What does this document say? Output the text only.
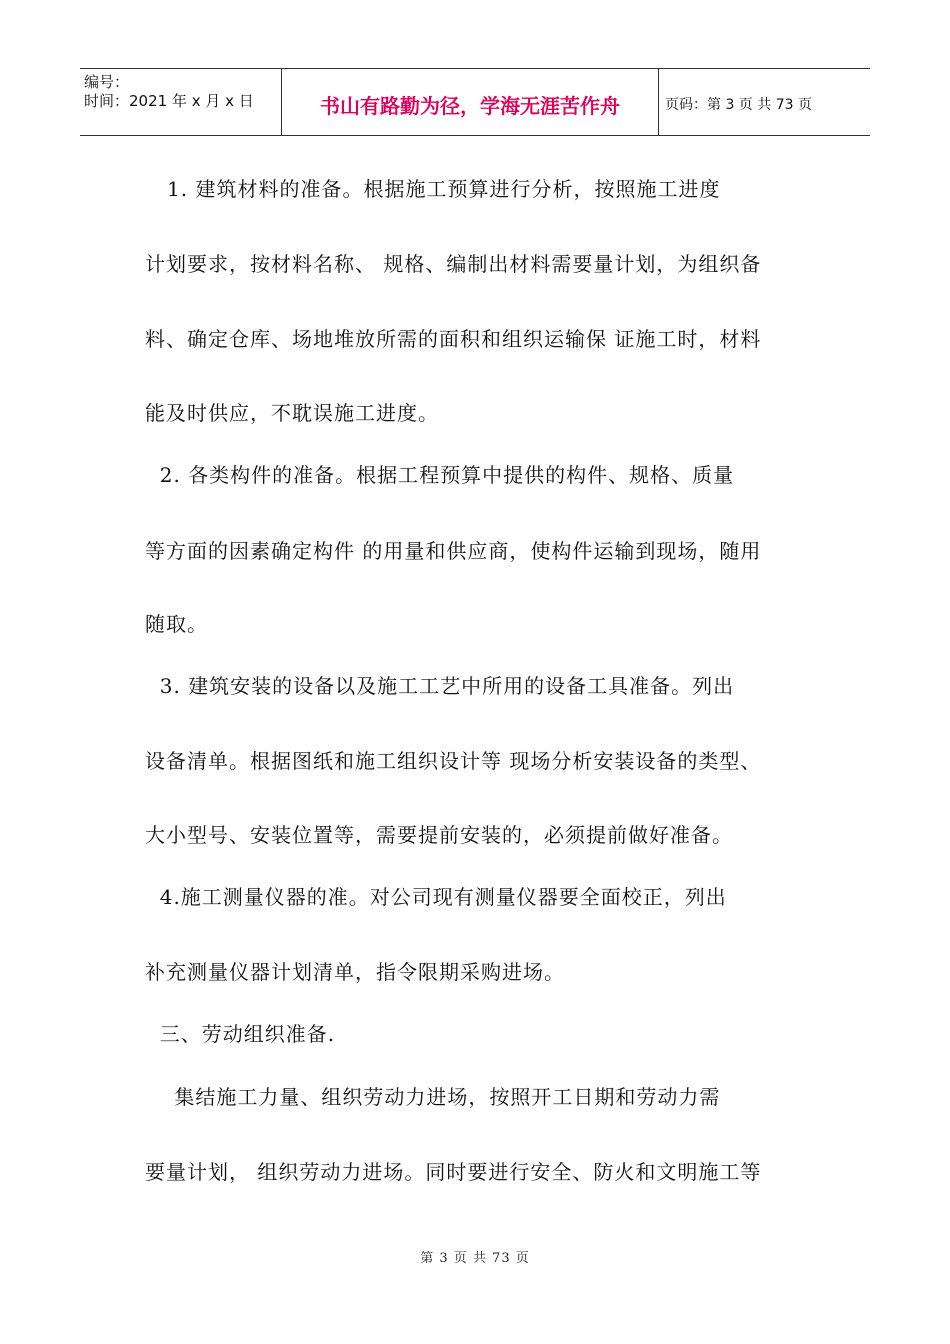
编号：
时间：2021 年 x 月 x 日	书山有路勤为径，学海无涯苦作舟	页码：第 3 页 共 73 页
1. 建筑材料的准备。根据施工预算进行分析，按照施工进度
计划要求，按材料名称、 规格、编制出材料需要量计划，为组织备
料、确定仓库、场地堆放所需的面积和组织运输保 证施工时，材料
能及时供应，不耽误施工进度。
2. 各类构件的准备。根据工程预算中提供的构件、规格、质量
等方面的因素确定构件 的用量和供应商，使构件运输到现场，随用
随取。
3. 建筑安装的设备以及施工工艺中所用的设备工具准备。列出
设备清单。根据图纸和施工组织设计等 现场分析安装设备的类型、
大小型号、安装位置等，需要提前安装的，必须提前做好准备。
4.施工测量仪器的准。对公司现有测量仪器要全面校正，列出
补充测量仪器计划清单，指令限期采购进场。
三、劳动组织准备.
集结施工力量、组织劳动力进场，按照开工日期和劳动力需
要量计划， 组织劳动力进场。同时要进行安全、防火和文明施工等
第 3 页 共 73 页
